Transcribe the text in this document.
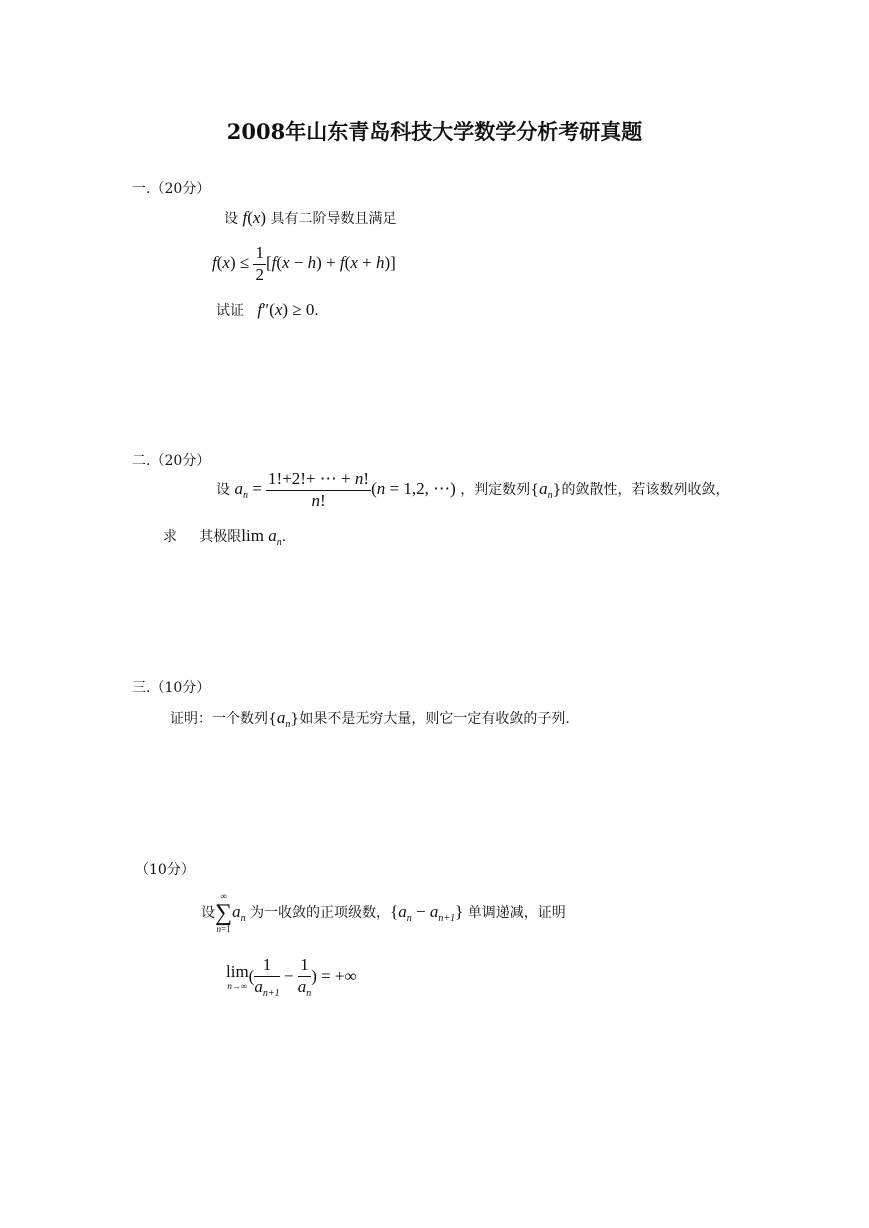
2008年山东青岛科技大学数学分析考研真题
一.（20分）
设 f(x) 具有二阶导数且满足
$f(x) \le \frac{1}{2} [f(x - h) + f(x + h)]$
试证 f″(x) ≥ 0.
二.（20分）
设 $a_n = \frac{1!+2!+ \cdots + n!}{n!} (n = 1,2$, ⋯) ，判定数列$\{a_n\}$的敛散性，若该数列收敛，
求 其极限$\lim a_n$.
三.（10分）
证明：一个数列$\{a_n\}$如果不是无穷大量，则它一定有收敛的子列.
（10分）
设
∞
∑
n=1
$a_n$ 为一收敛的正项级数，$\{a_n - a_{n+1}\}$ 单调递减，证明
lim
n→∞
( $\frac{1}{a_{n+1}} - \frac{1}{a_n}$ ) = +∞
